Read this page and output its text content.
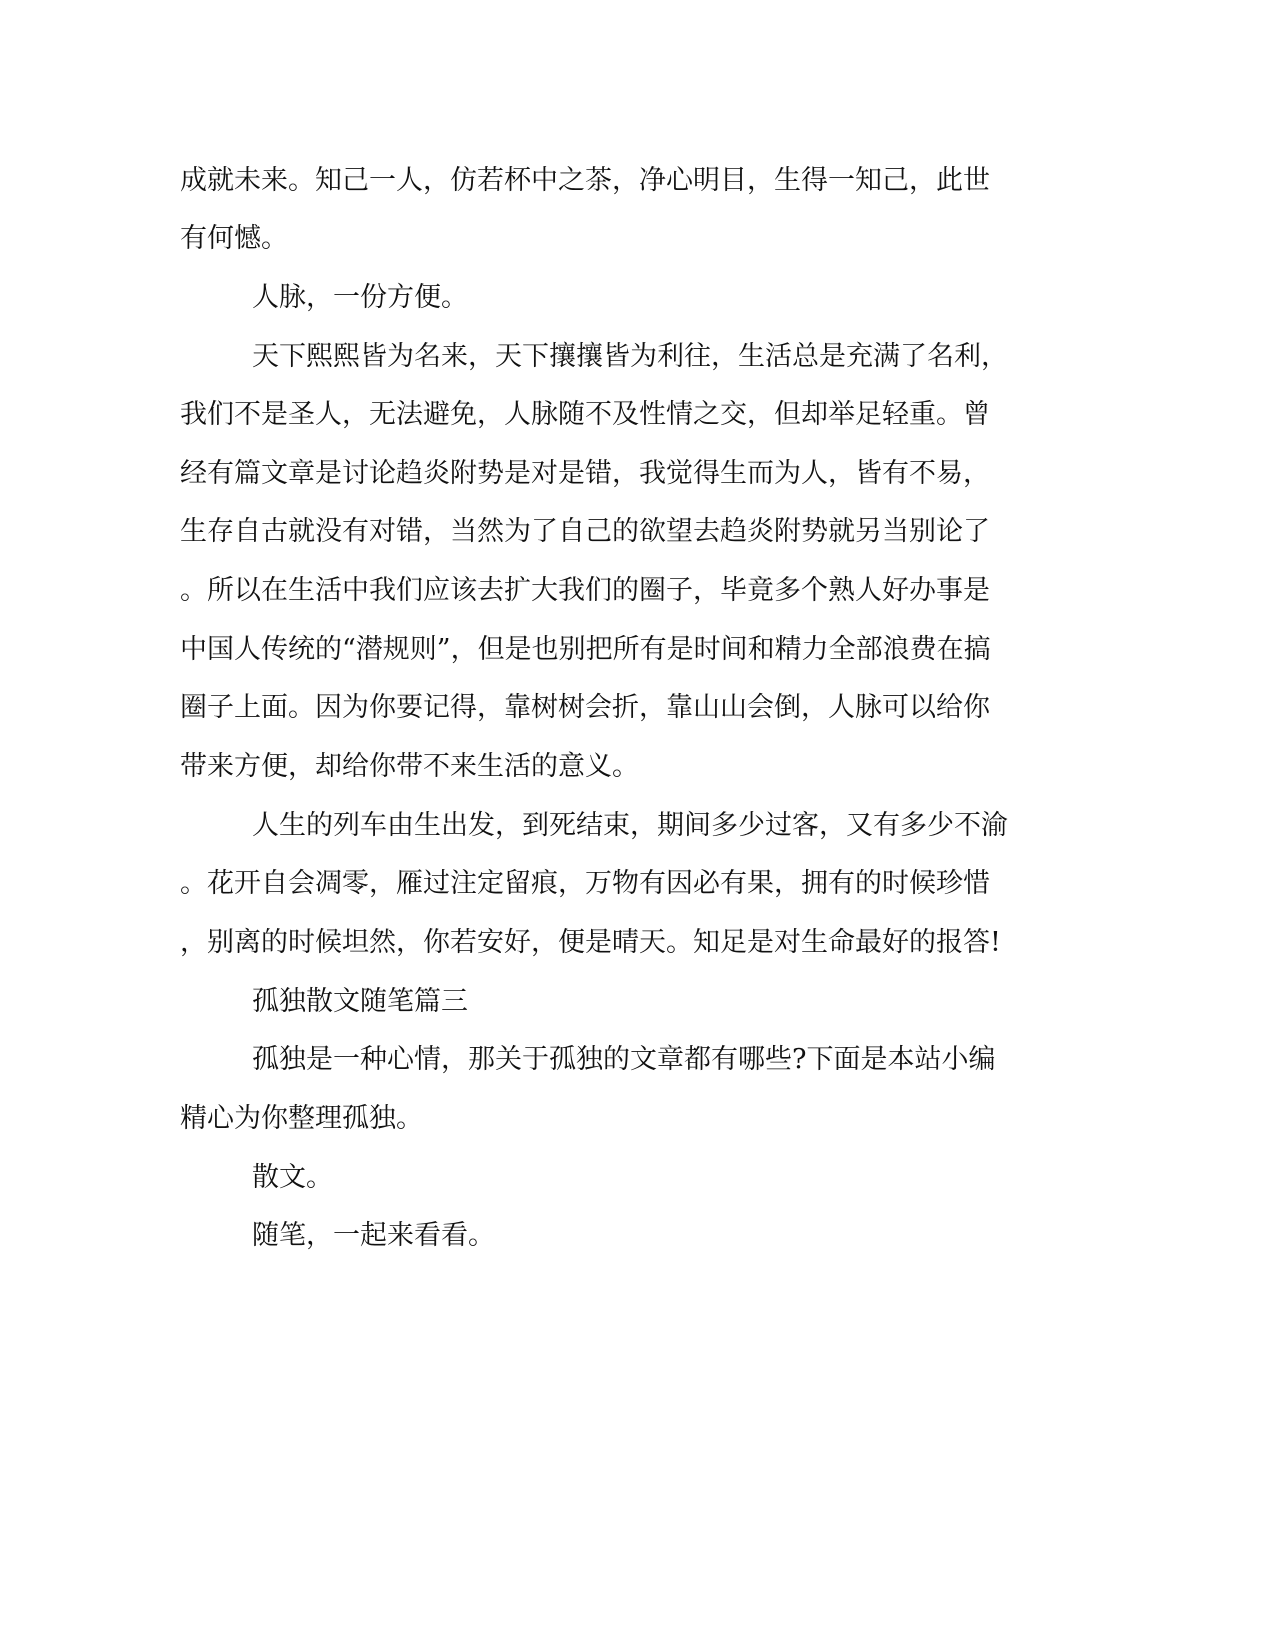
成就未来。知己一人，仿若杯中之茶，净心明目，生得一知己，此世
有何憾。
人脉，一份方便。
天下熙熙皆为名来，天下攘攘皆为利往，生活总是充满了名利，
我们不是圣人，无法避免，人脉随不及性情之交，但却举足轻重。曾
经有篇文章是讨论趋炎附势是对是错，我觉得生而为人，皆有不易，
生存自古就没有对错，当然为了自己的欲望去趋炎附势就另当别论了
。所以在生活中我们应该去扩大我们的圈子，毕竟多个熟人好办事是
中国人传统的“潜规则”，但是也别把所有是时间和精力全部浪费在搞
圈子上面。因为你要记得，靠树树会折，靠山山会倒，人脉可以给你
带来方便，却给你带不来生活的意义。
人生的列车由生出发，到死结束，期间多少过客，又有多少不渝
。花开自会凋零，雁过注定留痕，万物有因必有果，拥有的时候珍惜
，别离的时候坦然，你若安好，便是晴天。知足是对生命最好的报答!
孤独散文随笔篇三
孤独是一种心情，那关于孤独的文章都有哪些?下面是本站小编
精心为你整理孤独。
散文。
随笔，一起来看看。
